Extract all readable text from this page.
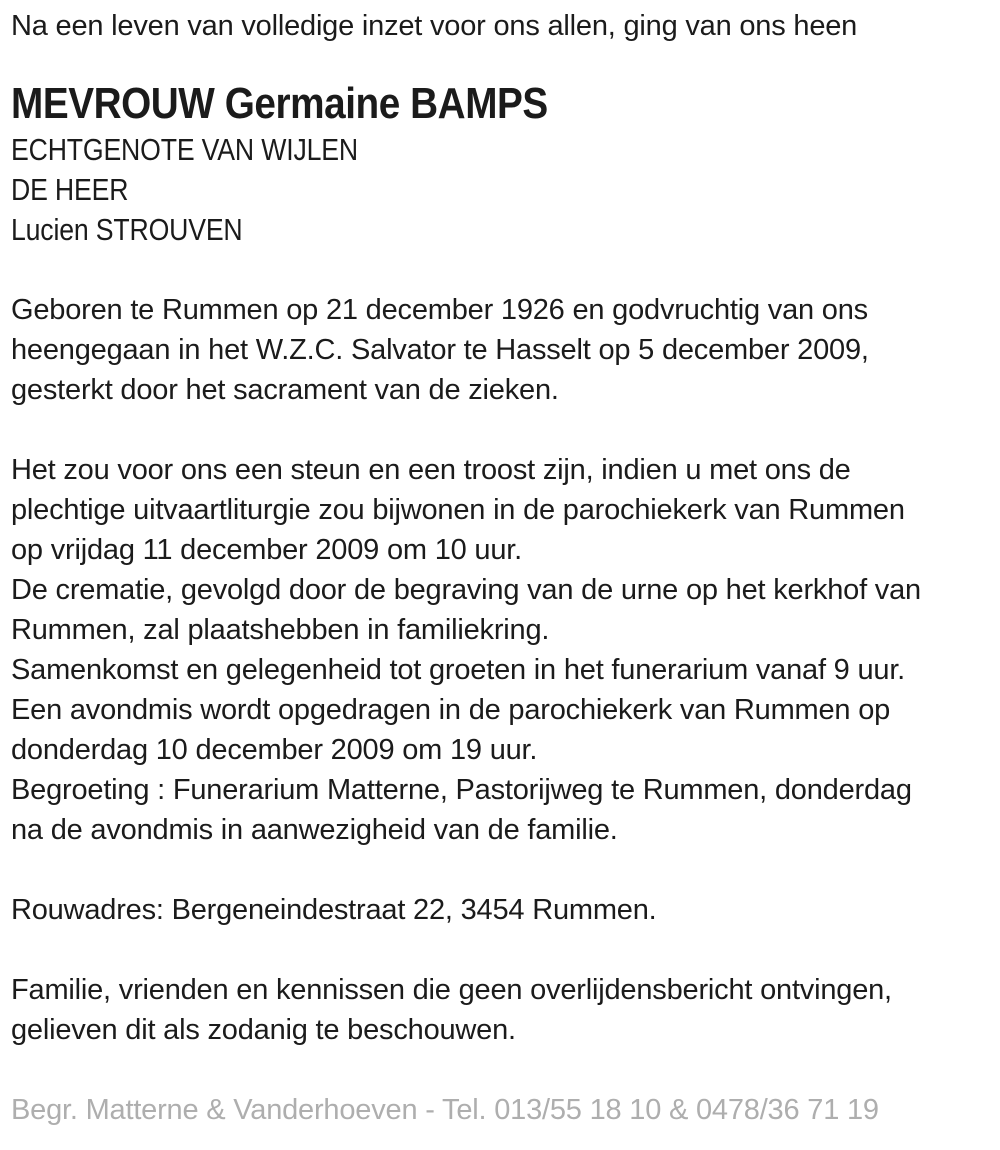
Na een leven van volledige inzet voor ons allen, ging van ons heen
MEVROUW Germaine BAMPS
ECHTGENOTE VAN WIJLEN
DE HEER
Lucien STROUVEN
Geboren te Rummen op 21 december 1926 en godvruchtig van ons
heengegaan in het W.Z.C. Salvator te Hasselt op 5 december 2009,
gesterkt door het sacrament van de zieken.
Het zou voor ons een steun en een troost zijn, indien u met ons de
plechtige uitvaartliturgie zou bijwonen in de parochiekerk van Rummen
op vrijdag 11 december 2009 om 10 uur.
De crematie, gevolgd door de begraving van de urne op het kerkhof van
Rummen, zal plaatshebben in familiekring.
Samenkomst en gelegenheid tot groeten in het funerarium vanaf 9 uur.
Een avondmis wordt opgedragen in de parochiekerk van Rummen op
donderdag 10 december 2009 om 19 uur.
Begroeting : Funerarium Matterne, Pastorijweg te Rummen, donderdag
na de avondmis in aanwezigheid van de familie.
Rouwadres: Bergeneindestraat 22, 3454 Rummen.
Familie, vrienden en kennissen die geen overlijdensbericht ontvingen,
gelieven dit als zodanig te beschouwen.
Begr. Matterne & Vanderhoeven - Tel. 013/55 18 10 & 0478/36 71 19
